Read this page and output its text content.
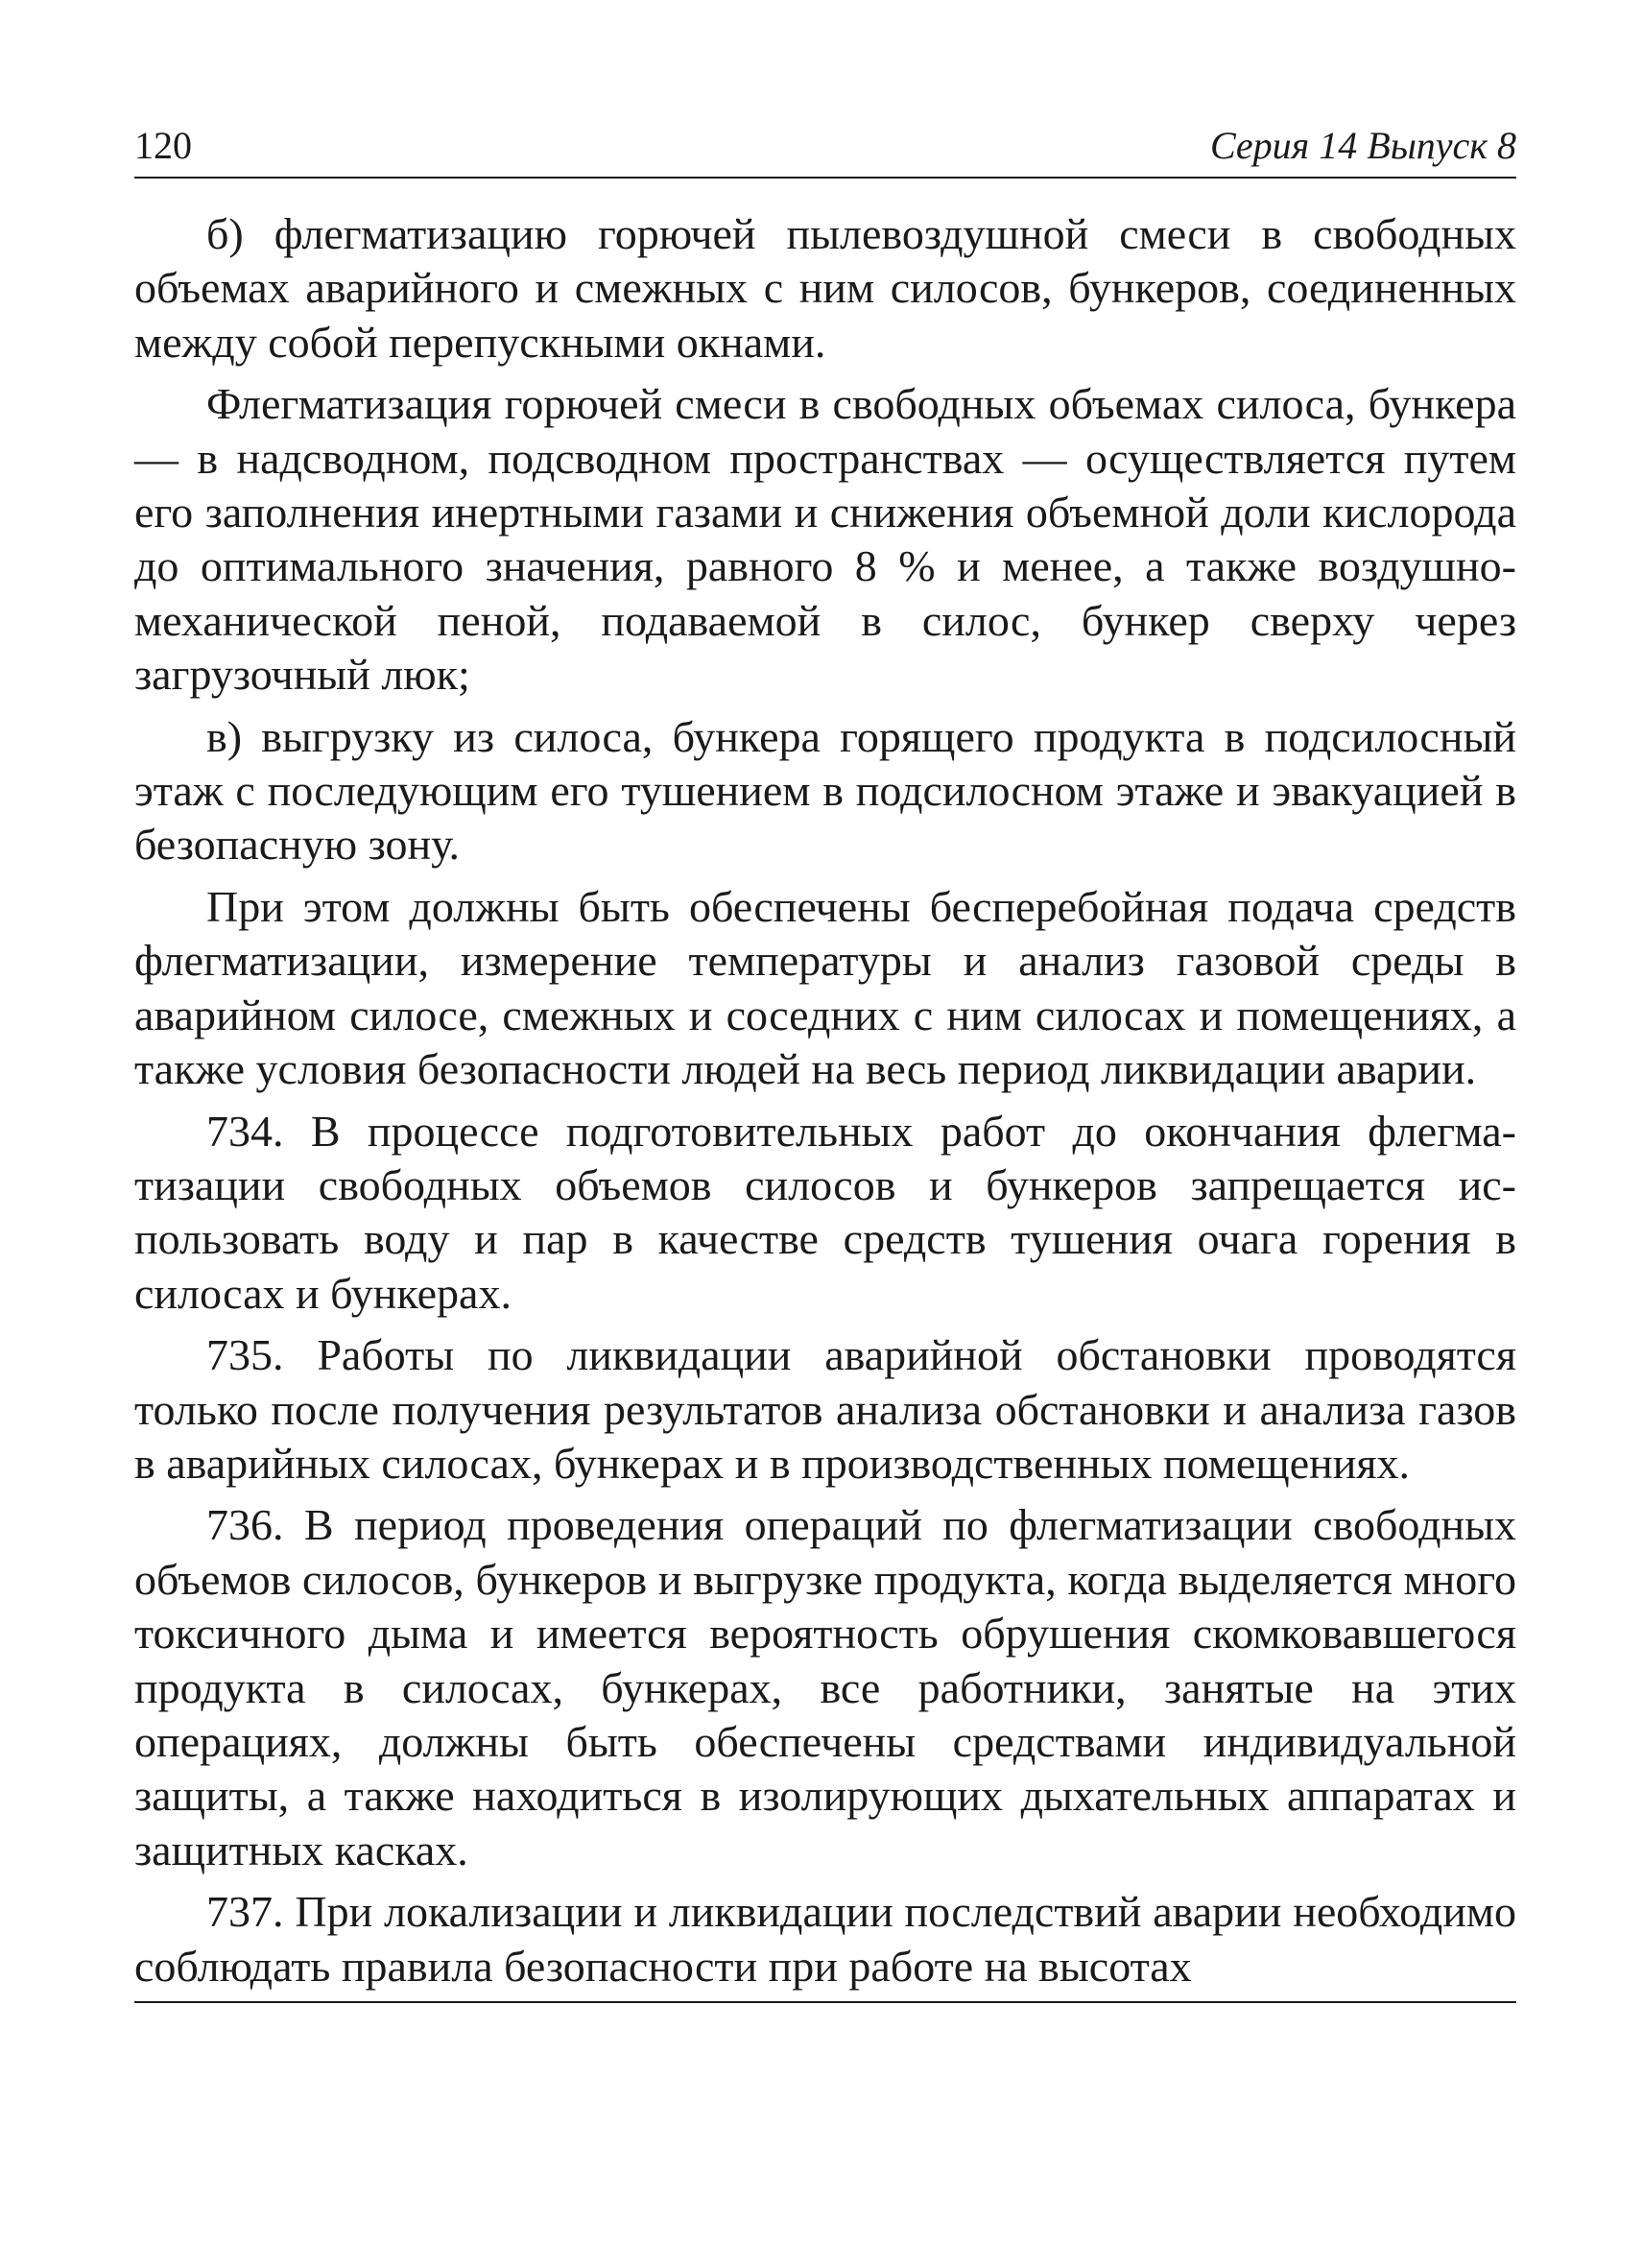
120	Серия 14 Выпуск 8

б) флегматизацию горючей пылевоздушной смеси в свободных объемах аварийного и смежных с ним силосов, бункеров, соединенных между собой перепускными окнами.

Флегматизация горючей смеси в свободных объемах силоса, бункера — в надсводном, подсводном пространствах — осуществляется путем его заполнения инертными газами и снижения объемной доли кислорода до оптимального значения, равного 8 % и менее, а также воздушно-механической пеной, подаваемой в силос, бункер сверху через загрузочный люк;

в) выгрузку из силоса, бункера горящего продукта в подсилосный этаж с последующим его тушением в подсилосном этаже и эвакуацией в безопасную зону.

При этом должны быть обеспечены бесперебойная подача средств флегматизации, измерение температуры и анализ газовой среды в аварийном силосе, смежных и соседних с ним силосах и помещениях, а также условия безопасности людей на весь период ликвидации аварии.

734. В процессе подготовительных работ до окончания флегматизации свободных объемов силосов и бункеров запрещается использовать воду и пар в качестве средств тушения очага горения в силосах и бункерах.

735. Работы по ликвидации аварийной обстановки проводятся только после получения результатов анализа обстановки и анализа газов в аварийных силосах, бункерах и в производственных помещениях.

736. В период проведения операций по флегматизации свободных объемов силосов, бункеров и выгрузке продукта, когда выделяется много токсичного дыма и имеется вероятность обрушения скомковавшегося продукта в силосах, бункерах, все работники, занятые на этих операциях, должны быть обеспечены средствами индивидуальной защиты, а также находиться в изолирующих дыхательных аппаратах и защитных касках.

737. При локализации и ликвидации последствий аварии необходимо соблюдать правила безопасности при работе на высотах
